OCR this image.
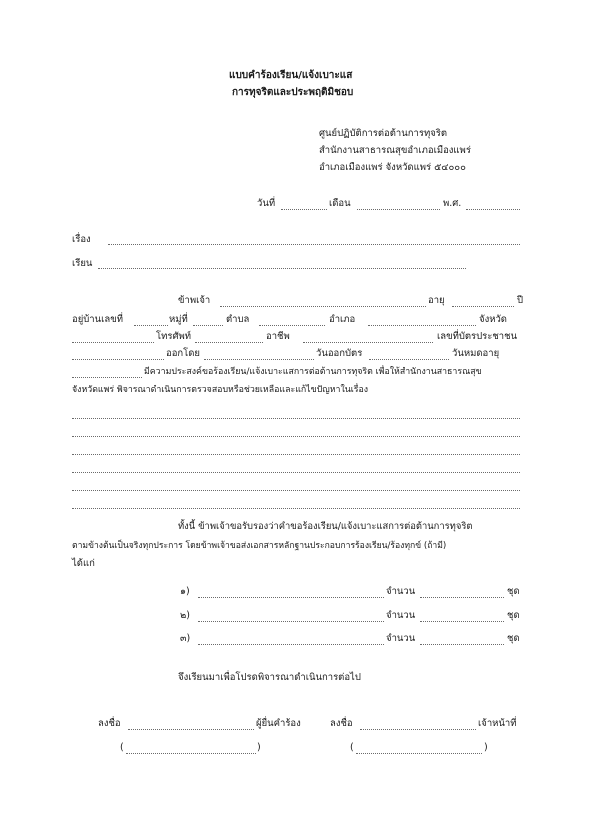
แบบคำร้องเรียน/แจ้งเบาะแส
การทุจริตและประพฤติมิชอบ
ศูนย์ปฏิบัติการต่อต้านการทุจริต
สำนักงานสาธารณสุขอำเภอเมืองแพร่
อำเภอเมืองแพร่ จังหวัดแพร่ ๕๔๐๐๐
วันที่	เดือน	พ.ศ.
เรื่อง
เรียน
ข้าพเจ้า	อายุ	ปี
อยู่บ้านเลขที่	หมู่ที่	ตำบล	อำเภอ	จังหวัด
โทรศัพท์	อาชีพ	เลขที่บัตรประชาชน
ออกโดย	วันออกบัตร	วันหมดอายุ
มีความประสงค์ขอร้องเรียน/แจ้งเบาะแสการต่อต้านการทุจริต เพื่อให้สำนักงานสาธารณสุข
จังหวัดแพร่ พิจารณาดำเนินการตรวจสอบหรือช่วยเหลือและแก้ไขปัญหาในเรื่อง
ทั้งนี้ ข้าพเจ้าขอรับรองว่าคำขอร้องเรียน/แจ้งเบาะแสการต่อต้านการทุจริต
ตามข้างต้นเป็นจริงทุกประการ โดยข้าพเจ้าขอส่งเอกสารหลักฐานประกอบการร้องเรียน/ร้องทุกข์ (ถ้ามี)
ได้แก่
๑)	จำนวน	ชุด
๒)	จำนวน	ชุด
๓)	จำนวน	ชุด
จึงเรียนมาเพื่อโปรดพิจารณาดำเนินการต่อไป
ลงชื่อ	ผู้ยื่นคำร้อง	ลงชื่อ	เจ้าหน้าที่
(	)	(	)
